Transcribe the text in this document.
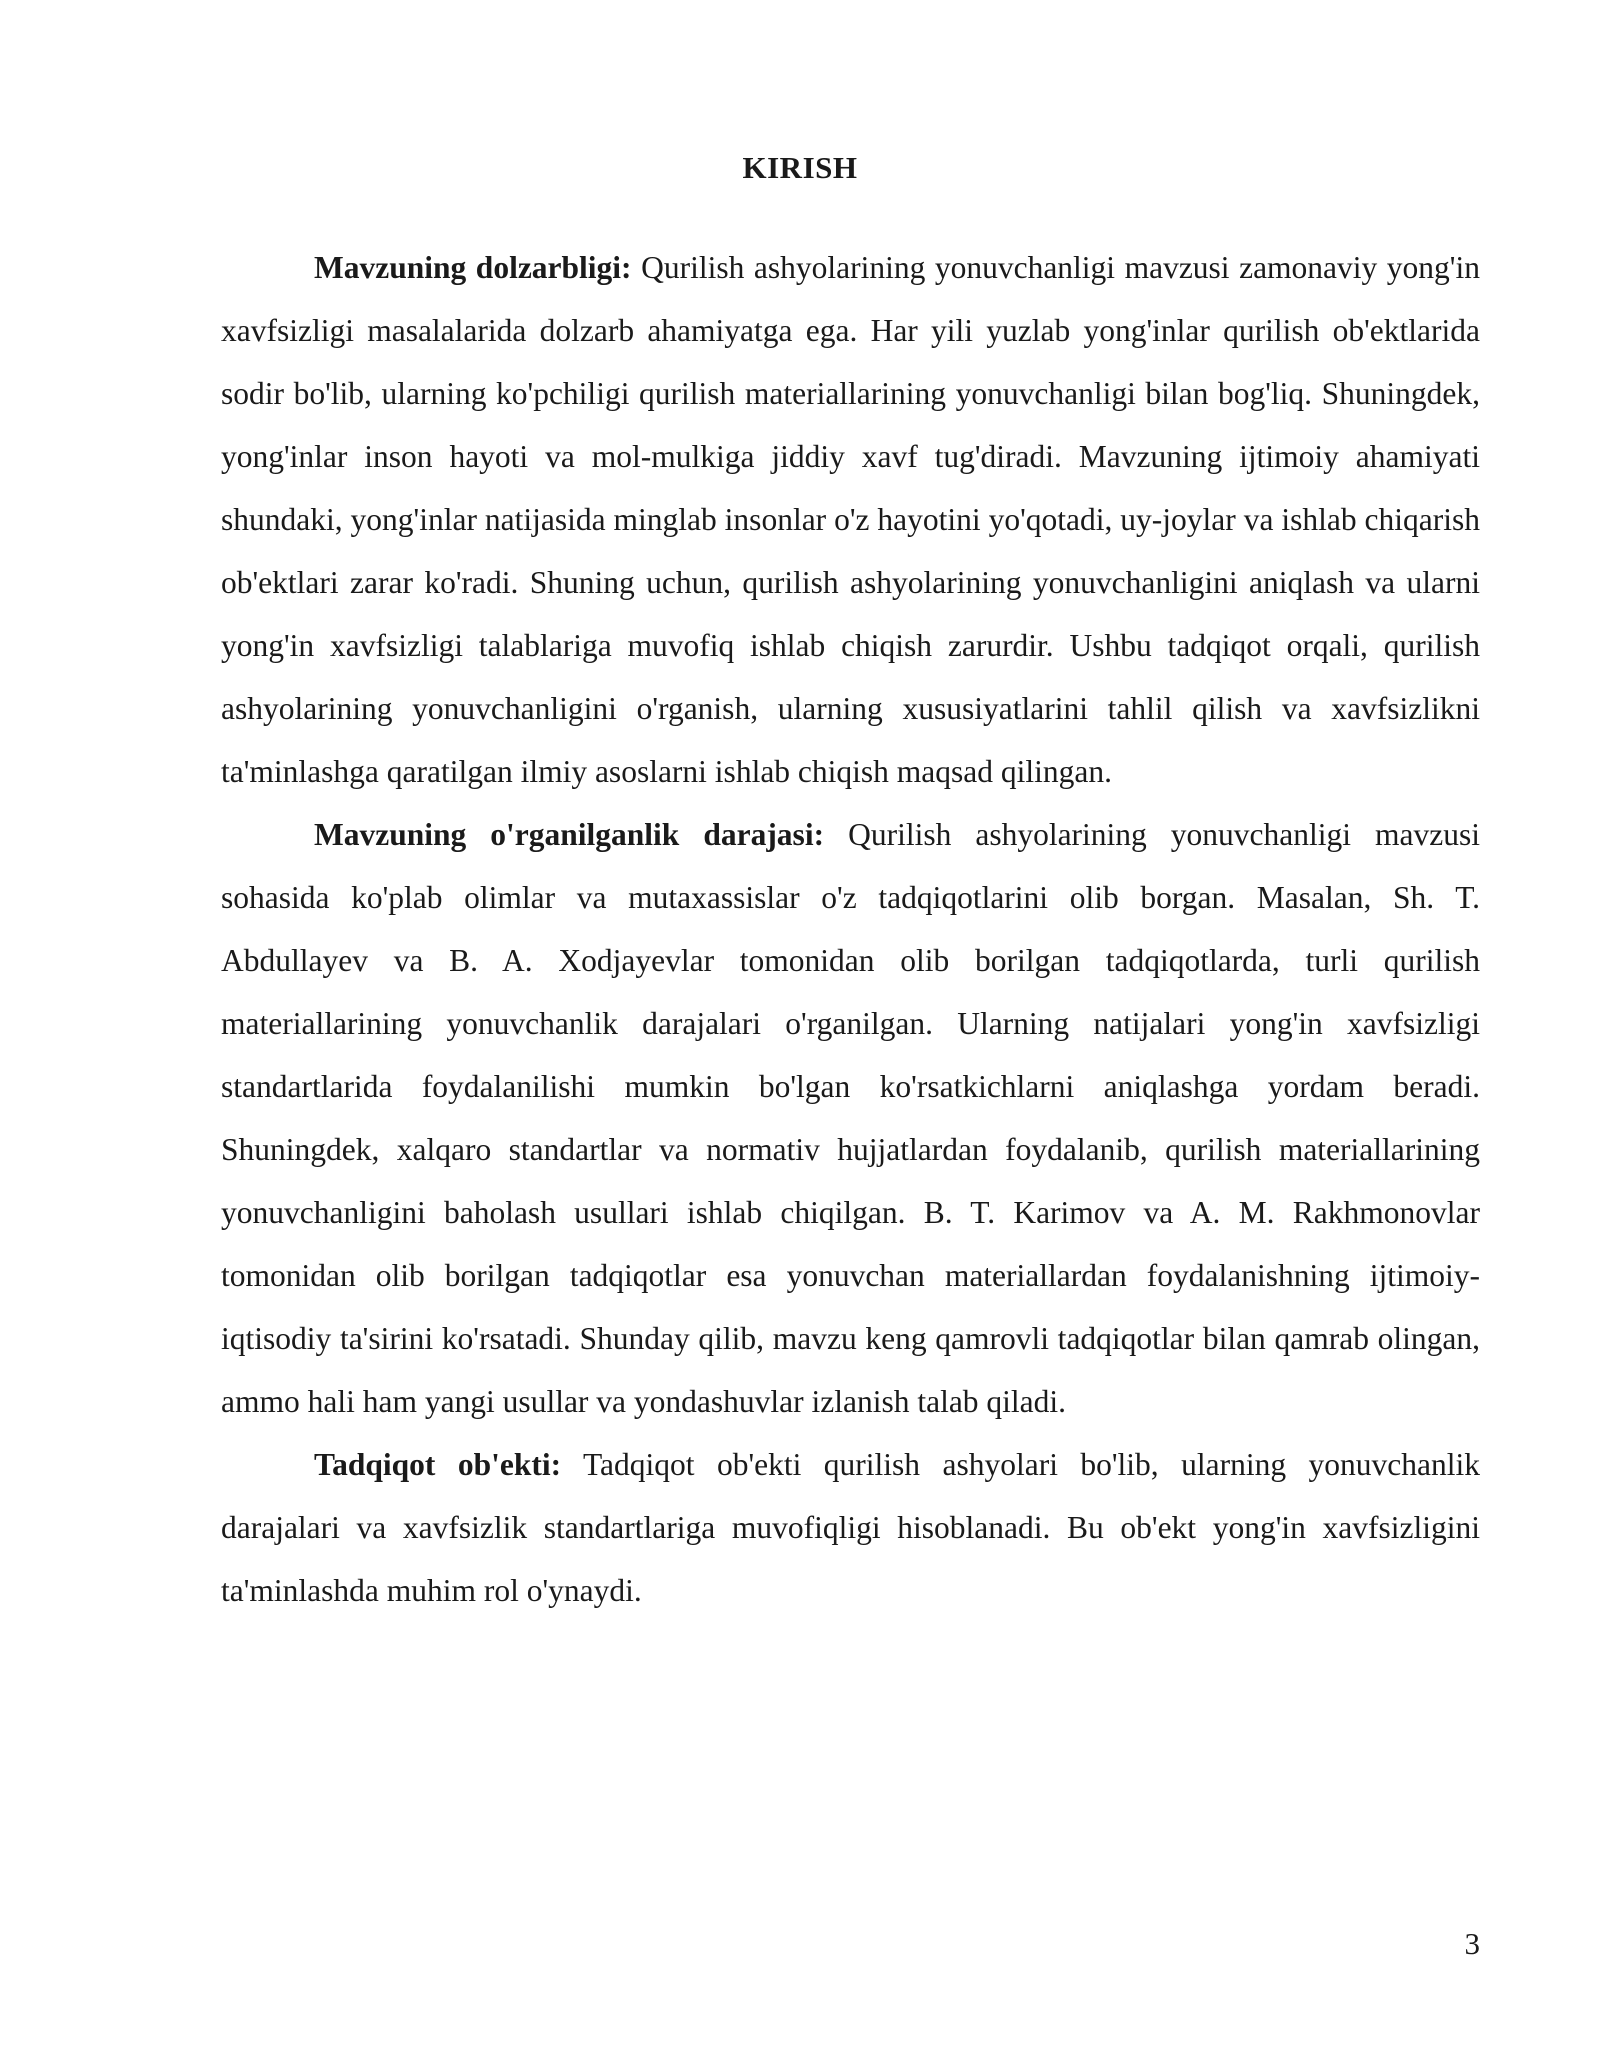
KIRISH

Mavzuning dolzarbligi: Qurilish ashyolarining yonuvchanligi mavzusi zamonaviy yong'in xavfsizligi masalalarida dolzarb ahamiyatga ega. Har yili yuzlab yong'inlar qurilish ob'ektlarida sodir bo'lib, ularning ko'pchiligi qurilish materiallarining yonuvchanligi bilan bog'liq. Shuningdek, yong'inlar inson hayoti va mol-mulkiga jiddiy xavf tug'diradi. Mavzuning ijtimoiy ahamiyati shundaki, yong'inlar natijasida minglab insonlar o'z hayotini yo'qotadi, uy-joylar va ishlab chiqarish ob'ektlari zarar ko'radi. Shuning uchun, qurilish ashyolarining yonuvchanligini aniqlash va ularni yong'in xavfsizligi talablariga muvofiq ishlab chiqish zarurdir. Ushbu tadqiqot orqali, qurilish ashyolarining yonuvchanligini o'rganish, ularning xususiyatlarini tahlil qilish va xavfsizlikni ta'minlashga qaratilgan ilmiy asoslarni ishlab chiqish maqsad qilingan.

Mavzuning o'rganilganlik darajasi: Qurilish ashyolarining yonuvchanligi mavzusi sohasida ko'plab olimlar va mutaxassislar o'z tadqiqotlarini olib borgan. Masalan, Sh. T. Abdullayev va B. A. Xodjayevlar tomonidan olib borilgan tadqiqotlarda, turli qurilish materiallarining yonuvchanlik darajalari o'rganilgan. Ularning natijalari yong'in xavfsizligi standartlarida foydalanilishi mumkin bo'lgan ko'rsatkichlarni aniqlashga yordam beradi. Shuningdek, xalqaro standartlar va normativ hujjatlardan foydalanib, qurilish materiallarining yonuvchanligini baholash usullari ishlab chiqilgan. B. T. Karimov va A. M. Rakhmonovlar tomonidan olib borilgan tadqiqotlar esa yonuvchan materiallardan foydalanishning ijtimoiy-iqtisodiy ta'sirini ko'rsatadi. Shunday qilib, mavzu keng qamrovli tadqiqotlar bilan qamrab olingan, ammo hali ham yangi usullar va yondashuvlar izlanish talab qiladi.

Tadqiqot ob'ekti: Tadqiqot ob'ekti qurilish ashyolari bo'lib, ularning yonuvchanlik darajalari va xavfsizlik standartlariga muvofiqligi hisoblanadi. Bu ob'ekt yong'in xavfsizligini ta'minlashda muhim rol o'ynaydi.

3
